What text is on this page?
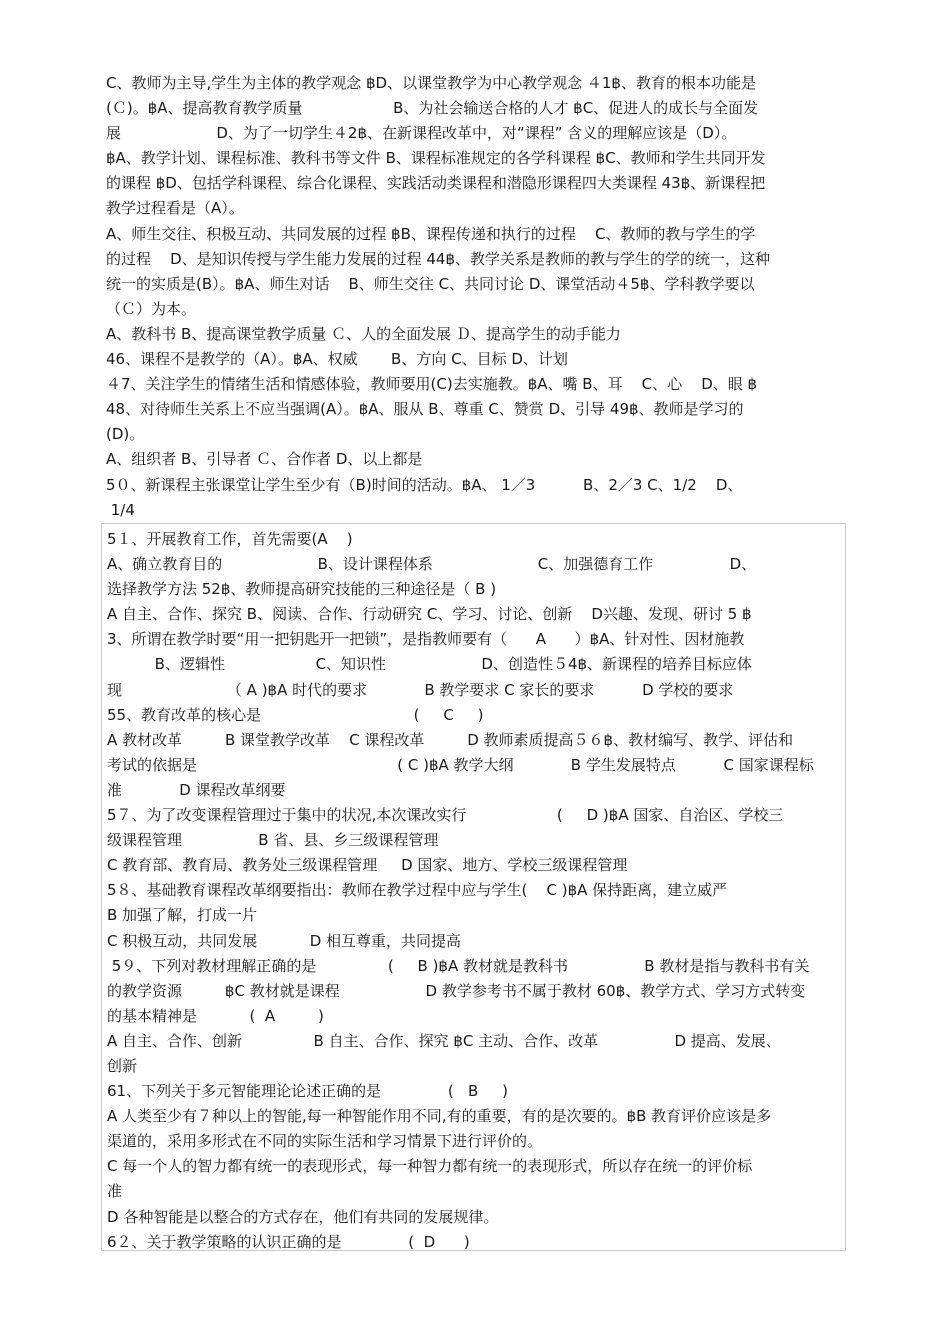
C、教师为主导,学生为主体的教学观念 ฿D、以课堂教学为中心教学观念 ４1฿、教育的根本功能是
(Ｃ)。฿A、提高教育教学质量                   B、为社会输送合格的人才 ฿C、促进人的成长与全面发
展                    D、为了一切学生４2฿、在新课程改革中，对“课程” 含义的理解应该是（D）。
฿A、教学计划、课程标准、教科书等文件 B、课程标准规定的各学科课程 ฿C、教师和学生共同开发
的课程 ฿D、包括学科课程、综合化课程、实践活动类课程和潜隐形课程四大类课程 43฿、新课程把
教学过程看是（A）。
A、师生交往、积极互动、共同发展的过程 ฿B、课程传递和执行的过程    C、教师的教与学生的学
的过程    D、是知识传授与学生能力发展的过程 44฿、教学关系是教师的教与学生的学的统一，这种
统一的实质是(B）。฿A、师生对话    B、师生交往 C、共同讨论 D、课堂活动４5฿、学科教学要以
（Ｃ）为本。
A、教科书 B、提高课堂教学质量 Ｃ、人的全面发展 Ｄ、提高学生的动手能力
46、课程不是教学的（A）。฿A、权威       B、方向 C、目标 D、计划
４7、关注学生的情绪生活和情感体验，教师要用(C)去实施教。฿A、嘴 B、耳    C、心    D、眼 ฿
48、对待师生关系上不应当强调(A）。฿A、服从 B、尊重 C、赞赏 D、引导 49฿、教师是学习的
(D)。
A、组织者 B、引导者 Ｃ、合作者 D、以上都是
5０、新课程主张课堂让学生至少有（B)时间的活动。฿A、 1／3          B、2／3 C、1/2    D、
1/4
5１、开展教育工作，首先需要(A    )
A、确立教育目的                    B、设计课程体系                      C、加强德育工作                D、
选择教学方法 52฿、教师提高研究技能的三种途径是（ B )
A 自主、合作、探究 B、阅读、合作、行动研究 C、学习、讨论、创新    D兴趣、发现、研讨 5 ฿
3、所谓在教学时要“用一把钥匙开一把锁”，是指教师要有（      A      ）฿A、针对性、因材施教
B、逻辑性                   C、知识性                    D、创造性５4฿、新课程的培养目标应体
现                      （ A )฿A 时代的要求            B 教学要求 C 家长的要求          D 学校的要求
55、教育改革的核心是                                (     C     )
A 教材改革         B 课堂教学改革    C 课程改革         D 教师素质提高５６฿、教材编写、教学、评估和
考试的依据是                                          ( C )฿A 教学大纲            B 学生发展特点          C 国家课程标
准            D 课程改革纲要
5７、为了改变课程管理过于集中的状况,本次课改实行                   (     D )฿A 国家、自治区、学校三
级课程管理                B 省、县、乡三级课程管理
C 教育部、教育局、教务处三级课程管理     D 国家、地方、学校三级课程管理
5８、基础教育课程改革纲要指出：教师在教学过程中应与学生(    C )฿A 保持距离，建立威严
B 加强了解，打成一片
C 积极互动，共同发展           D 相互尊重，共同提高
5９、下列对教材理解正确的是               (     B )฿A 教材就是教科书                B 教材是指与教科书有关
的教学资源         ฿C 教材就是课程                  D 教学参考书不属于教材 60฿、教学方式、学习方式转变
的基本精神是           (  A         )
A 自主、合作、创新               B 自主、合作、探究 ฿C 主动、合作、改革                D 提高、发展、
创新
61、下列关于多元智能理论论述正确的是              (   B     )
A 人类至少有７种以上的智能,每一种智能作用不同,有的重要，有的是次要的。฿B 教育评价应该是多
渠道的，采用多形式在不同的实际生活和学习情景下进行评价的。
C 每一个人的智力都有统一的表现形式，每一种智力都有统一的表现形式，所以存在统一的评价标
准
D 各种智能是以整合的方式存在，他们有共同的发展规律。
6２、关于教学策略的认识正确的是              (  D      )
